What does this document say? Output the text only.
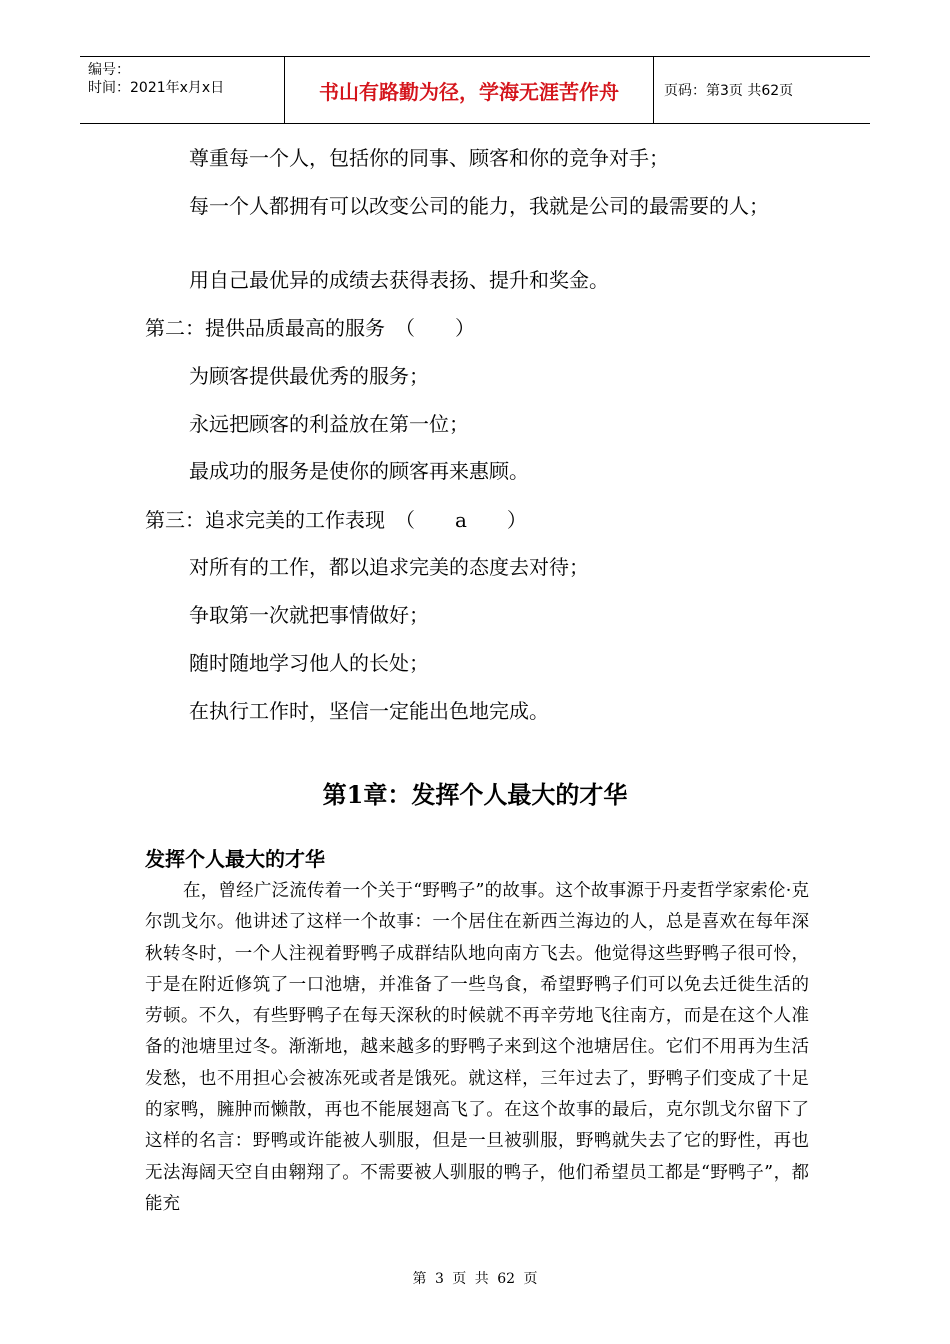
编号：
时间：2021年x月x日	书山有路勤为径，学海无涯苦作舟	页码：第3页 共62页
尊重每一个人，包括你的同事、顾客和你的竞争对手；
每一个人都拥有可以改变公司的能力，我就是公司的最需要的人；
用自己最优异的成绩去获得表扬、提升和奖金。
第二：提供品质最高的服务　（　　）
为顾客提供最优秀的服务；
永远把顾客的利益放在第一位；
最成功的服务是使你的顾客再来惠顾。
第三：追求完美的工作表现　（　　a　　）
对所有的工作，都以追求完美的态度去对待；
争取第一次就把事情做好；
随时随地学习他人的长处；
在执行工作时，坚信一定能出色地完成。
第1章：发挥个人最大的才华
发挥个人最大的才华
在，曾经广泛流传着一个关于“野鸭子”的故事。这个故事源于丹麦哲学家索伦·克尔凯戈尔。他讲述了这样一个故事：一个居住在新西兰海边的人，总是喜欢在每年深秋转冬时，一个人注视着野鸭子成群结队地向南方飞去。他觉得这些野鸭子很可怜，于是在附近修筑了一口池塘，并准备了一些鸟食，希望野鸭子们可以免去迁徙生活的劳顿。不久，有些野鸭子在每天深秋的时候就不再辛劳地飞往南方，而是在这个人准备的池塘里过冬。渐渐地，越来越多的野鸭子来到这个池塘居住。它们不用再为生活发愁，也不用担心会被冻死或者是饿死。就这样，三年过去了，野鸭子们变成了十足的家鸭，臃肿而懒散，再也不能展翅高飞了。在这个故事的最后，克尔凯戈尔留下了这样的名言：野鸭或许能被人驯服，但是一旦被驯服，野鸭就失去了它的野性，再也无法海阔天空自由翱翔了。不需要被人驯服的鸭子，他们希望员工都是“野鸭子”，都能充
第 3 页 共 62 页
